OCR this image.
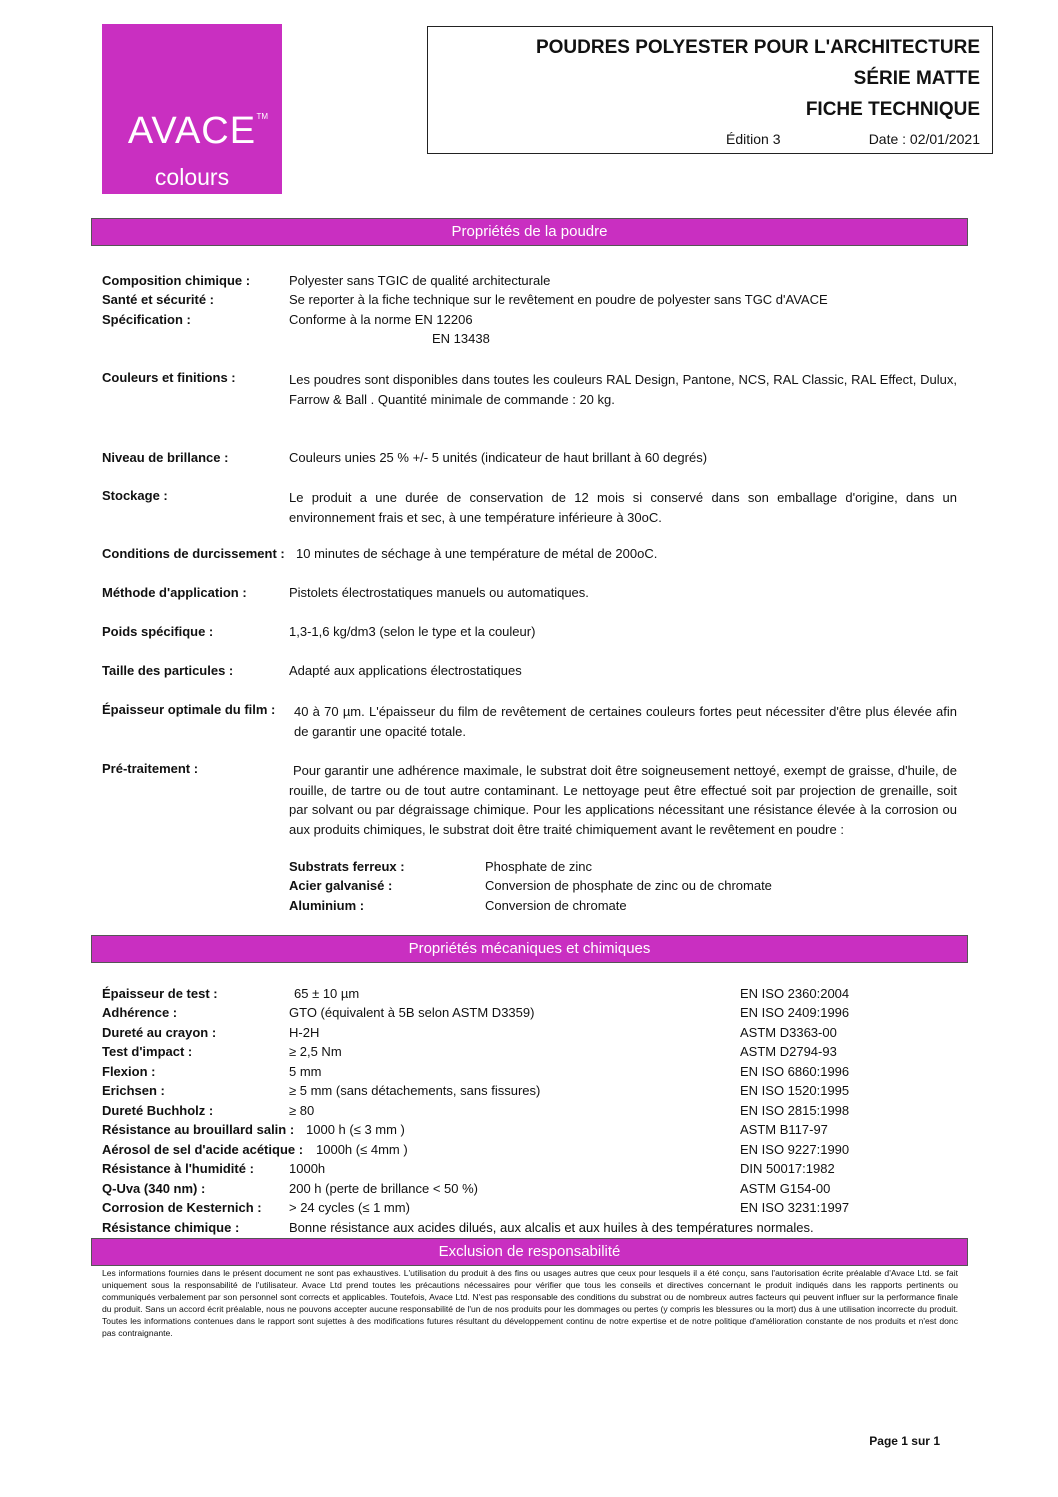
AVACE TM
colours
POUDRES POLYESTER POUR L'ARCHITECTURE
SÉRIE MATTE
FICHE TECHNIQUE
Édition 3	Date : 02/01/2021
Propriétés de la poudre
Composition chimique :	Polyester sans TGIC de qualité architecturale
Santé et sécurité :	Se reporter à la fiche technique sur le revêtement en poudre de polyester sans TGC d'AVACE
Spécification :	Conforme à la norme EN 12206
EN 13438
Couleurs et finitions :	Les poudres sont disponibles dans toutes les couleurs RAL Design, Pantone, NCS, RAL Classic, RAL Effect, Dulux, Farrow & Ball . Quantité minimale de commande : 20 kg.
Niveau de brillance :	Couleurs unies 25 % +/- 5 unités (indicateur de haut brillant à 60 degrés)
Stockage :	Le produit a une durée de conservation de 12 mois si conservé dans son emballage d'origine, dans un environnement frais et sec, à une température inférieure à 30oC.
Conditions de durcissement : 10 minutes de séchage à une température de métal de 200oC.
Méthode d'application :	Pistolets électrostatiques manuels ou automatiques.
Poids spécifique :	1,3-1,6 kg/dm3 (selon le type et la couleur)
Taille des particules :	Adapté aux applications électrostatiques
Épaisseur optimale du film : 40 à 70 µm. L'épaisseur du film de revêtement de certaines couleurs fortes peut nécessiter d'être plus élevée afin de garantir une opacité totale.
Pré-traitement :	Pour garantir une adhérence maximale, le substrat doit être soigneusement nettoyé, exempt de graisse, d'huile, de rouille, de tartre ou de tout autre contaminant. Le nettoyage peut être effectué soit par projection de grenaille, soit par solvant ou par dégraissage chimique. Pour les applications nécessitant une résistance élevée à la corrosion ou aux produits chimiques, le substrat doit être traité chimiquement avant le revêtement en poudre :
Substrats ferreux :	Phosphate de zinc
Acier galvanisé :	Conversion de phosphate de zinc ou de chromate
Aluminium :	Conversion de chromate
Propriétés mécaniques et chimiques
Épaisseur de test :	65 ± 10 µm	EN ISO 2360:2004
Adhérence :	GTO (équivalent à 5B selon ASTM D3359)	EN ISO 2409:1996
Dureté au crayon :	H-2H	ASTM D3363-00
Test d'impact :	≥ 2,5 Nm	ASTM D2794-93
Flexion :	5 mm	EN ISO 6860:1996
Erichsen :	≥ 5 mm (sans détachements, sans fissures)	EN ISO 1520:1995
Dureté Buchholz :	≥ 80	EN ISO 2815:1998
Résistance au brouillard salin : 1000 h (≤ 3 mm )	ASTM B117-97
Aérosol de sel d'acide acétique : 1000h (≤ 4mm )	EN ISO 9227:1990
Résistance à l'humidité :	1000h	DIN 50017:1982
Q-Uva (340 nm) :	200 h (perte de brillance < 50 %)	ASTM G154-00
Corrosion de Kesternich : > 24 cycles (≤ 1 mm)	EN ISO 3231:1997
Résistance chimique :	Bonne résistance aux acides dilués, aux alcalis et aux huiles à des températures normales.
Exclusion de responsabilité
Les informations fournies dans le présent document ne sont pas exhaustives. L'utilisation du produit à des fins ou usages autres que ceux pour lesquels il a été conçu, sans l'autorisation écrite préalable d'Avace Ltd. se fait uniquement sous la responsabilité de l'utilisateur. Avace Ltd prend toutes les précautions nécessaires pour vérifier que tous les conseils et directives concernant le produit indiqués dans les rapports pertinents ou communiqués verbalement par son personnel sont corrects et applicables. Toutefois, Avace Ltd. N'est pas responsable des conditions du substrat ou de nombreux autres facteurs qui peuvent influer sur la performance finale du produit. Sans un accord écrit préalable, nous ne pouvons accepter aucune responsabilité de l'un de nos produits pour les dommages ou pertes (y compris les blessures ou la mort) dus à une utilisation incorrecte du produit. Toutes les informations contenues dans le rapport sont sujettes à des modifications futures résultant du développement continu de notre expertise et de notre politique d'amélioration constante de nos produits et n'est donc pas contraignante.
Page 1 sur 1
